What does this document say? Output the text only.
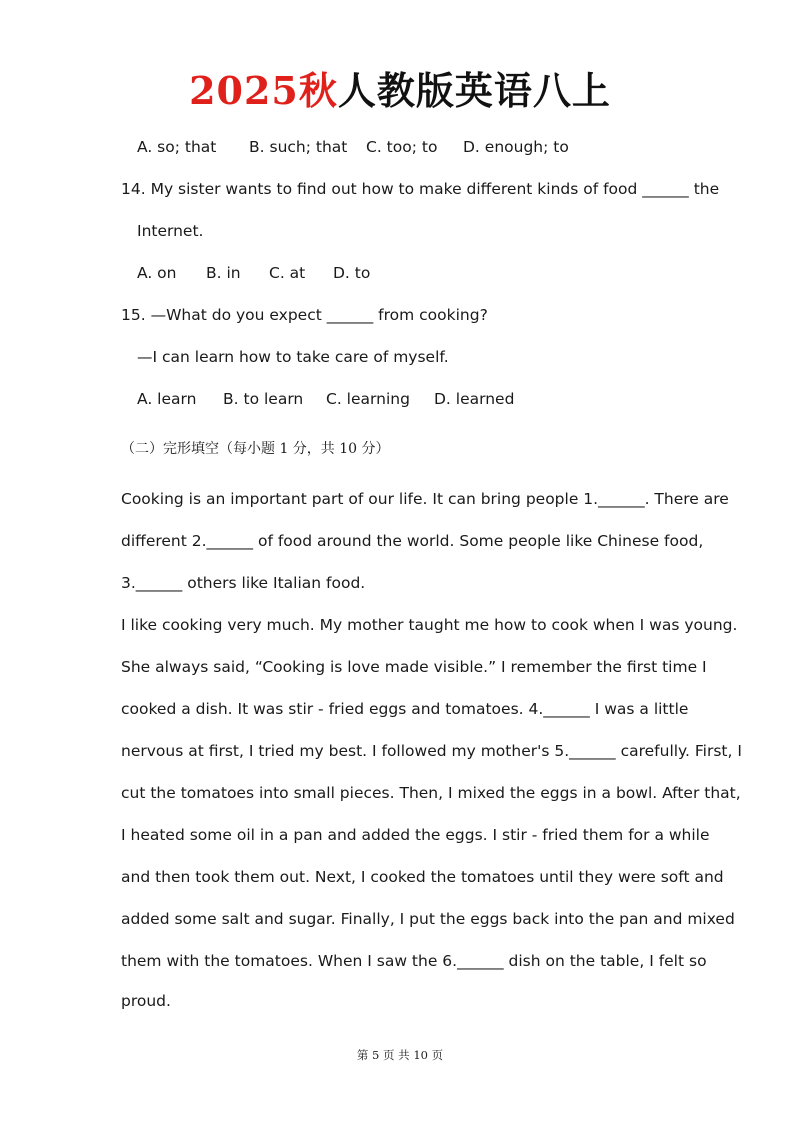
2025秋人教版英语八上
A. so; that B. such; that C. too; to D. enough; to
14. My sister wants to find out how to make different kinds of food ______ the
Internet.
A. on B. in C. at D. to
15. —What do you expect ______ from cooking?
—I can learn how to take care of myself.
A. learn B. to learn C. learning D. learned
（二）完形填空（每小题 1 分，共 10 分）
Cooking is an important part of our life. It can bring people 1.______. There are
different 2.______ of food around the world. Some people like Chinese food,
3.______ others like Italian food.
I like cooking very much. My mother taught me how to cook when I was young.
She always said, “Cooking is love made visible.” I remember the first time I
cooked a dish. It was stir - fried eggs and tomatoes. 4.______ I was a little
nervous at first, I tried my best. I followed my mother's 5.______ carefully. First, I
cut the tomatoes into small pieces. Then, I mixed the eggs in a bowl. After that,
I heated some oil in a pan and added the eggs. I stir - fried them for a while
and then took them out. Next, I cooked the tomatoes until they were soft and
added some salt and sugar. Finally, I put the eggs back into the pan and mixed
them with the tomatoes. When I saw the 6.______ dish on the table, I felt so
proud.
第 5 页 共 10 页
